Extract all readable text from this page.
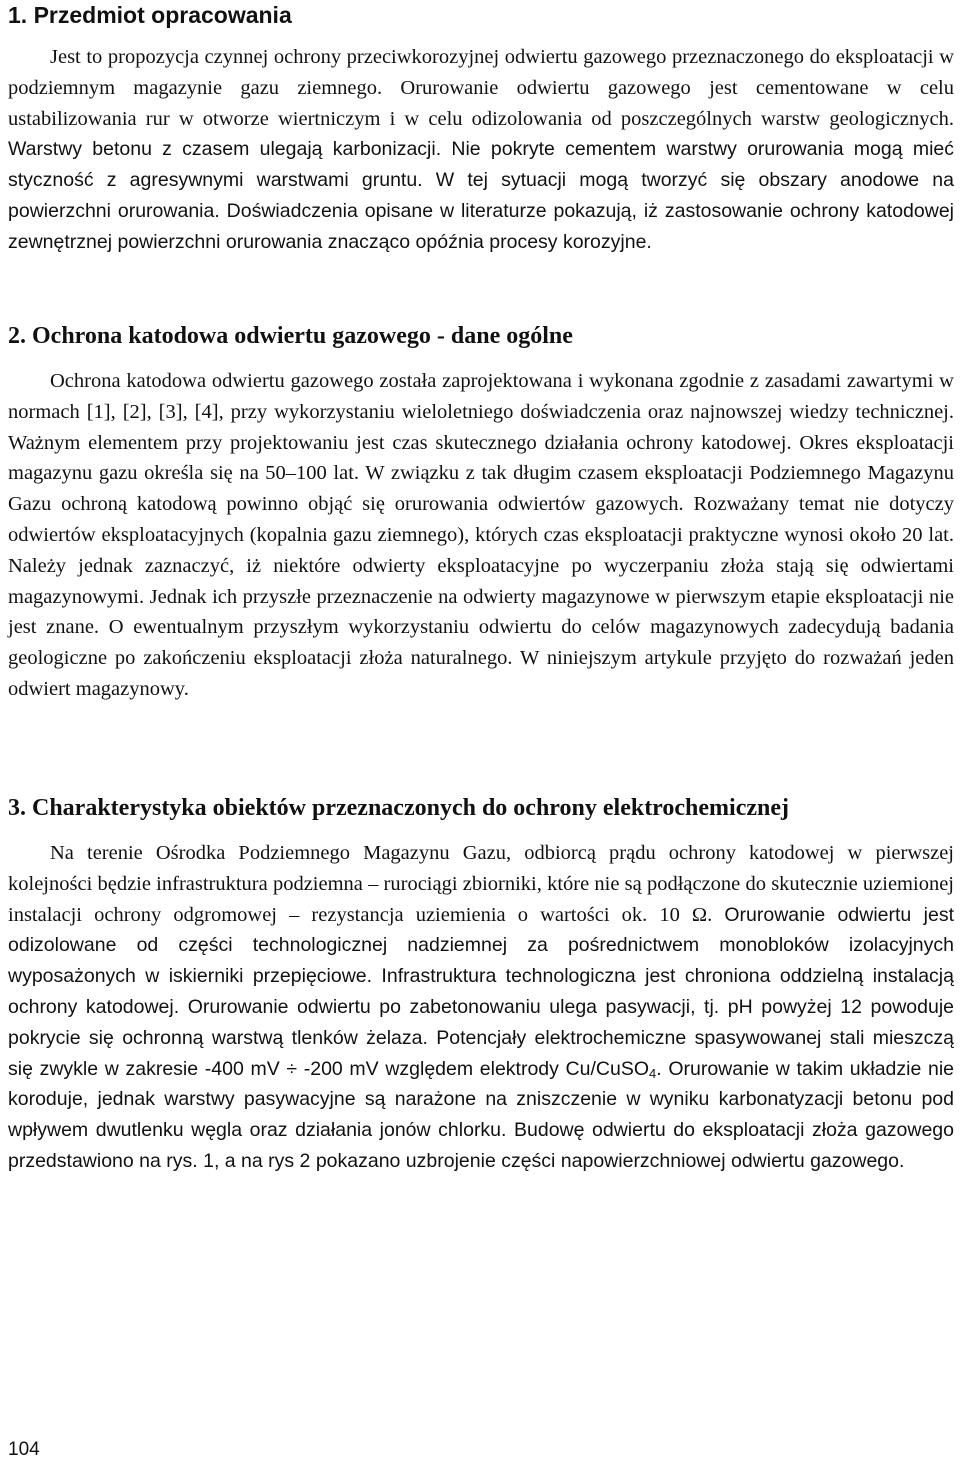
1. Przedmiot opracowania

Jest to propozycja czynnej ochrony przeciwkorozyjnej odwiertu gazowego przeznaczonego do eksploatacji w podziemnym magazynie gazu ziemnego. Orurowanie odwiertu gazowego jest cementowane w celu ustabilizowania rur w otworze wiertniczym i w celu odizolowania od poszczególnych warstw geologicznych. Warstwy betonu z czasem ulegają karbonizacji. Nie pokryte cementem warstwy orurowania mogą mieć styczność z agresywnymi warstwami gruntu. W tej sytuacji mogą tworzyć się obszary anodowe na powierzchni orurowania. Doświadczenia opisane w literaturze pokazują, iż zastosowanie ochrony katodowej zewnętrznej powierzchni orurowania znacząco opóźnia procesy korozyjne.

2. Ochrona katodowa odwiertu gazowego - dane ogólne

Ochrona katodowa odwiertu gazowego została zaprojektowana i wykonana zgodnie z zasadami zawartymi w normach [1], [2], [3], [4], przy wykorzystaniu wieloletniego doświadczenia oraz najnowszej wiedzy technicznej. Ważnym elementem przy projektowaniu jest czas skutecznego działania ochrony katodowej. Okres eksploatacji magazynu gazu określa się na 50–100 lat. W związku z tak długim czasem eksploatacji Podziemnego Magazynu Gazu ochroną katodową powinno objąć się orurowania odwiertów gazowych. Rozważany temat nie dotyczy odwiertów eksploatacyjnych (kopalnia gazu ziemnego), których czas eksploatacji praktyczne wynosi około 20 lat. Należy jednak zaznaczyć, iż niektóre odwierty eksploatacyjne po wyczerpaniu złoża stają się odwiertami magazynowymi. Jednak ich przyszłe przeznaczenie na odwierty magazynowe w pierwszym etapie eksploatacji nie jest znane. O ewentualnym przyszłym wykorzystaniu odwiertu do celów magazynowych zadecydują badania geologiczne po zakończeniu eksploatacji złoża naturalnego. W niniejszym artykule przyjęto do rozważań jeden odwiert magazynowy.

3. Charakterystyka obiektów przeznaczonych do ochrony elektrochemicznej

Na terenie Ośrodka Podziemnego Magazynu Gazu, odbiorcą prądu ochrony katodowej w pierwszej kolejności będzie infrastruktura podziemna – rurociągi zbiorniki, które nie są podłączone do skutecznie uziemionej instalacji ochrony odgromowej – rezystancja uziemienia o wartości ok. 10 Ω. Orurowanie odwiertu jest odizolowane od części technologicznej nadziemnej za pośrednictwem monobloków izolacyjnych wyposażonych w iskierniki przepięciowe. Infrastruktura technologiczna jest chroniona oddzielną instalacją ochrony katodowej. Orurowanie odwiertu po zabetonowaniu ulega pasywacji, tj. pH powyżej 12 powoduje pokrycie się ochronną warstwą tlenków żelaza. Potencjały elektrochemiczne spasywowanej stali mieszczą się zwykle w zakresie -400 mV ÷ -200 mV względem elektrody Cu/CuSO$_4$. Orurowanie w takim układzie nie koroduje, jednak warstwy pasywacyjne są narażone na zniszczenie w wyniku karbonatyzacji betonu pod wpływem dwutlenku węgla oraz działania jonów chlorku. Budowę odwiertu do eksploatacji złoża gazowego przedstawiono na rys. 1, a na rys 2 pokazano uzbrojenie części napowierzchniowej odwiertu gazowego.

104
